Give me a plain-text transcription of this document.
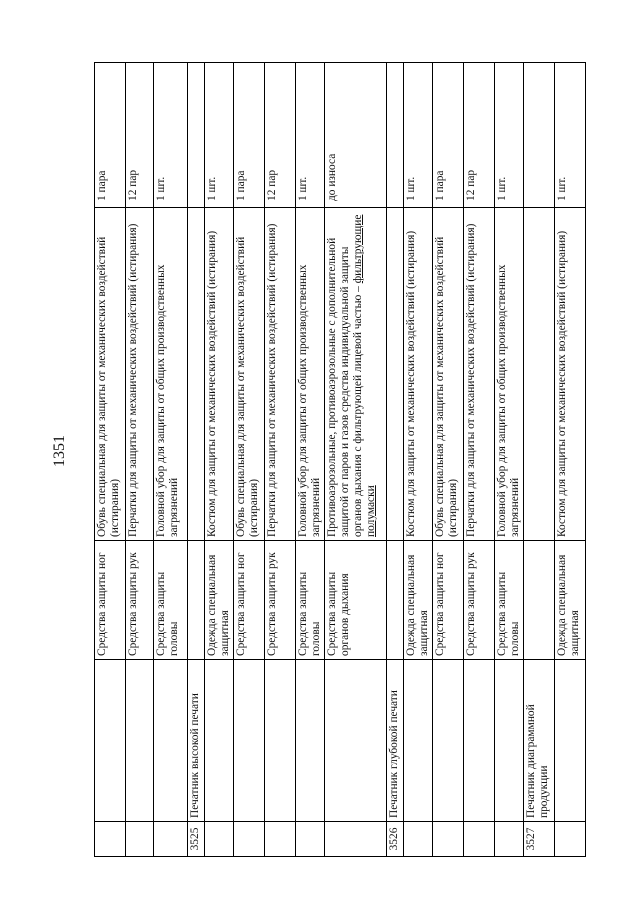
1351
		Средства защиты ног	Обувь специальная для защиты от механических воздействий (истирания)	1 пара
		Средства защиты рук	Перчатки для защиты от механических воздействий (истирания)	12 пар
		Средства защиты головы	Головной убор для защиты от общих производственных загрязнений	1 шт.
3525	Печатник высокой печати			
		Одежда специальная защитная	Костюм для защиты от механических воздействий (истирания)	1 шт.
		Средства защиты ног	Обувь специальная для защиты от механических воздействий (истирания)	1 пара
		Средства защиты рук	Перчатки для защиты от механических воздействий (истирания)	12 пар
		Средства защиты головы	Головной убор для защиты от общих производственных загрязнений	1 шт.
		Средства защиты органов дыхания	Противоаэрозольные, противоаэрозольные с дополнительной защитой от паров и газов средства индивидуальной защиты органов дыхания с фильтрующей лицевой частью – фильтрующие полумаски	до износа
3526	Печатник глубокой печати			
		Одежда специальная защитная	Костюм для защиты от механических воздействий (истирания)	1 шт.
		Средства защиты ног	Обувь специальная для защиты от механических воздействий (истирания)	1 пара
		Средства защиты рук	Перчатки для защиты от механических воздействий (истирания)	12 пар
		Средства защиты головы	Головной убор для защиты от общих производственных загрязнений	1 шт.
3527	Печатник диаграммной продукции			
		Одежда специальная защитная	Костюм для защиты от механических воздействий (истирания)	1 шт.
